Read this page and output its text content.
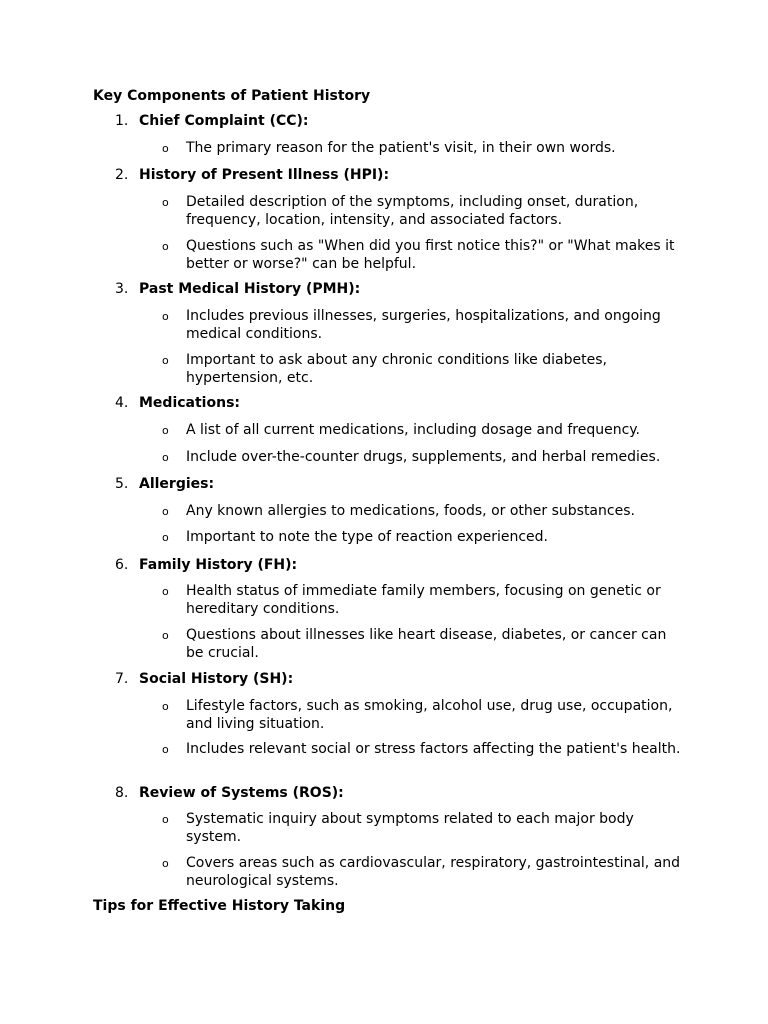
Key Components of Patient History
1. Chief Complaint (CC):
o The primary reason for the patient's visit, in their own words.
2. History of Present Illness (HPI):
o Detailed description of the symptoms, including onset, duration, frequency, location, intensity, and associated factors.
o Questions such as "When did you first notice this?" or "What makes it better or worse?" can be helpful.
3. Past Medical History (PMH):
o Includes previous illnesses, surgeries, hospitalizations, and ongoing medical conditions.
o Important to ask about any chronic conditions like diabetes, hypertension, etc.
4. Medications:
o A list of all current medications, including dosage and frequency.
o Include over-the-counter drugs, supplements, and herbal remedies.
5. Allergies:
o Any known allergies to medications, foods, or other substances.
o Important to note the type of reaction experienced.
6. Family History (FH):
o Health status of immediate family members, focusing on genetic or hereditary conditions.
o Questions about illnesses like heart disease, diabetes, or cancer can be crucial.
7. Social History (SH):
o Lifestyle factors, such as smoking, alcohol use, drug use, occupation, and living situation.
o Includes relevant social or stress factors affecting the patient's health.
8. Review of Systems (ROS):
o Systematic inquiry about symptoms related to each major body system.
o Covers areas such as cardiovascular, respiratory, gastrointestinal, and neurological systems.
Tips for Effective History Taking
